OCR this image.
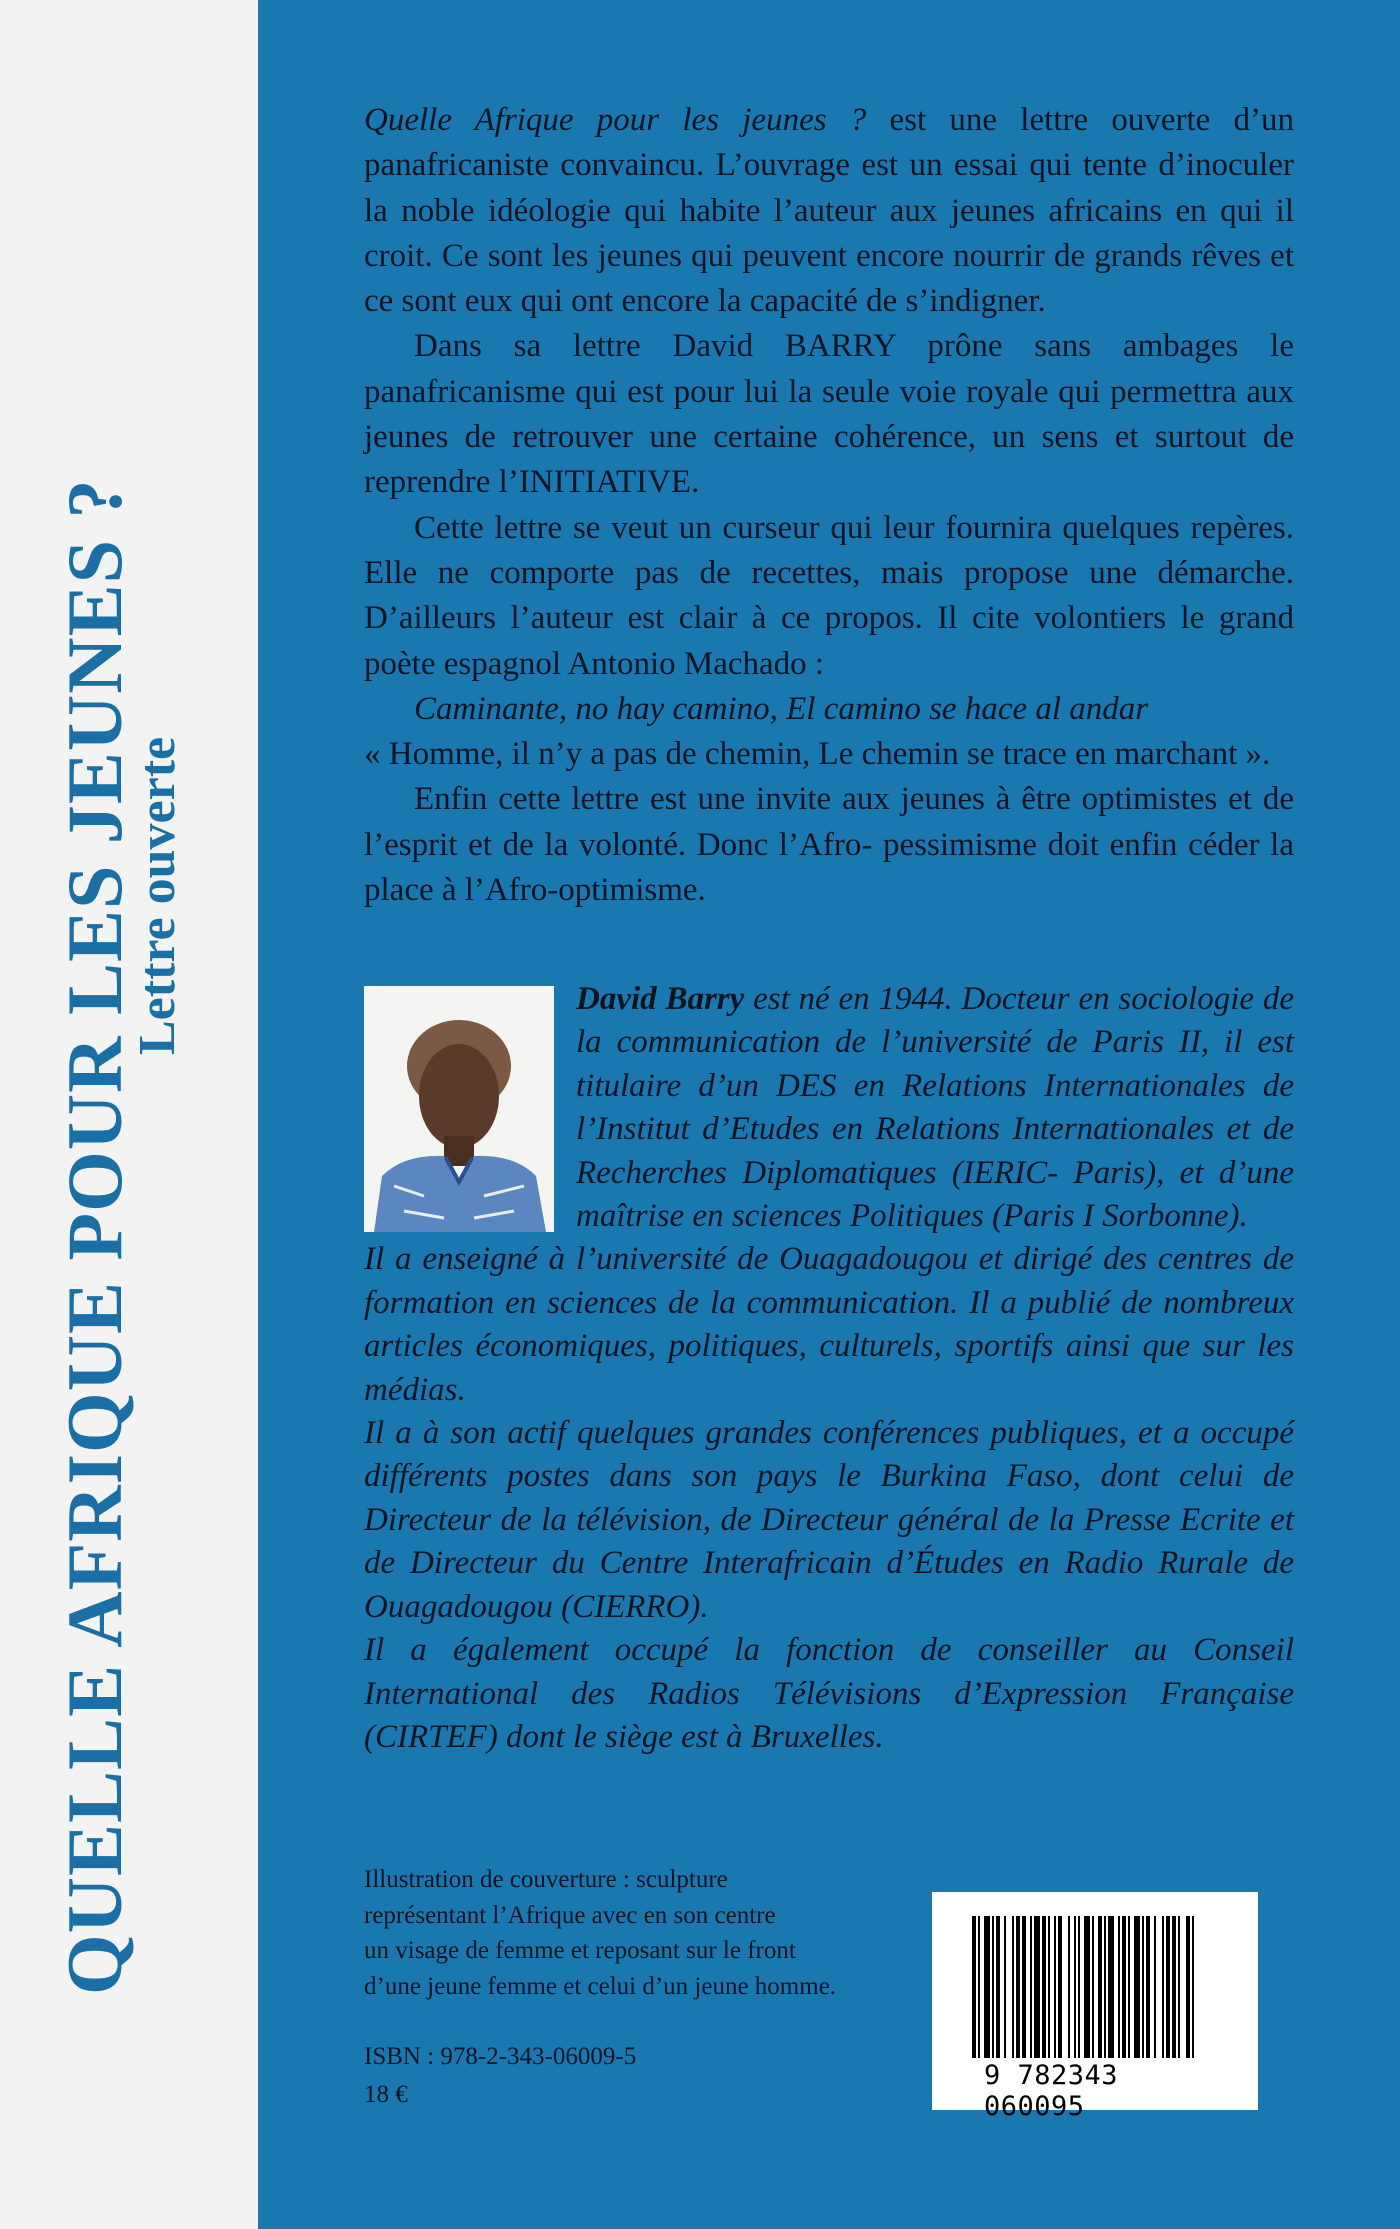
QUELLE AFRIQUE POUR LES JEUNES ?
Lettre ouverte

Quelle Afrique pour les jeunes ? est une lettre ouverte d’un panafricaniste convaincu. L’ouvrage est un essai qui tente d’inoculer la noble idéologie qui habite l’auteur aux jeunes africains en qui il croit. Ce sont les jeunes qui peuvent encore nourrir de grands rêves et ce sont eux qui ont encore la capacité de s’indigner.

Dans sa lettre David BARRY prône sans ambages le panafricanisme qui est pour lui la seule voie royale qui permettra aux jeunes de retrouver une certaine cohérence, un sens et surtout de reprendre l’INITIATIVE.

Cette lettre se veut un curseur qui leur fournira quelques repères. Elle ne comporte pas de recettes, mais propose une démarche. D’ailleurs l’auteur est clair à ce propos. Il cite volontiers le grand poète espagnol Antonio Machado :

Caminante, no hay camino, El camino se hace al andar

« Homme, il n’y a pas de chemin, Le chemin se trace en marchant ».

Enfin cette lettre est une invite aux jeunes à être optimistes et de l’esprit et de la volonté. Donc l’Afro- pessimisme doit enfin céder la place à l’Afro-optimisme.

David Barry est né en 1944. Docteur en sociologie de la communication de l’université de Paris II, il est titulaire d’un DES en Relations Internationales de l’Institut d’Etudes en Relations Internationales et de Recherches Diplomatiques (IERIC- Paris), et d’une maîtrise en sciences Politiques (Paris I Sorbonne).

Il a enseigné à l’université de Ouagadougou et dirigé des centres de formation en sciences de la communication. Il a publié de nombreux articles économiques, politiques, culturels, sportifs ainsi que sur les médias.

Il a à son actif quelques grandes conférences publiques, et a occupé différents postes dans son pays le Burkina Faso, dont celui de Directeur de la télévision, de Directeur général de la Presse Ecrite et de Directeur du Centre Interafricain d’Études en Radio Rurale de Ouagadougou (CIERRO).

Il a également occupé la fonction de conseiller au Conseil International des Radios Télévisions d’Expression Française (CIRTEF) dont le siège est à Bruxelles.

Illustration de couverture : sculpture

représentant l’Afrique avec en son centre

un visage de femme et reposant sur le front

d’une jeune femme et celui d’un jeune homme.

ISBN : 978-2-343-06009-5
18 €
9 782343 060095
